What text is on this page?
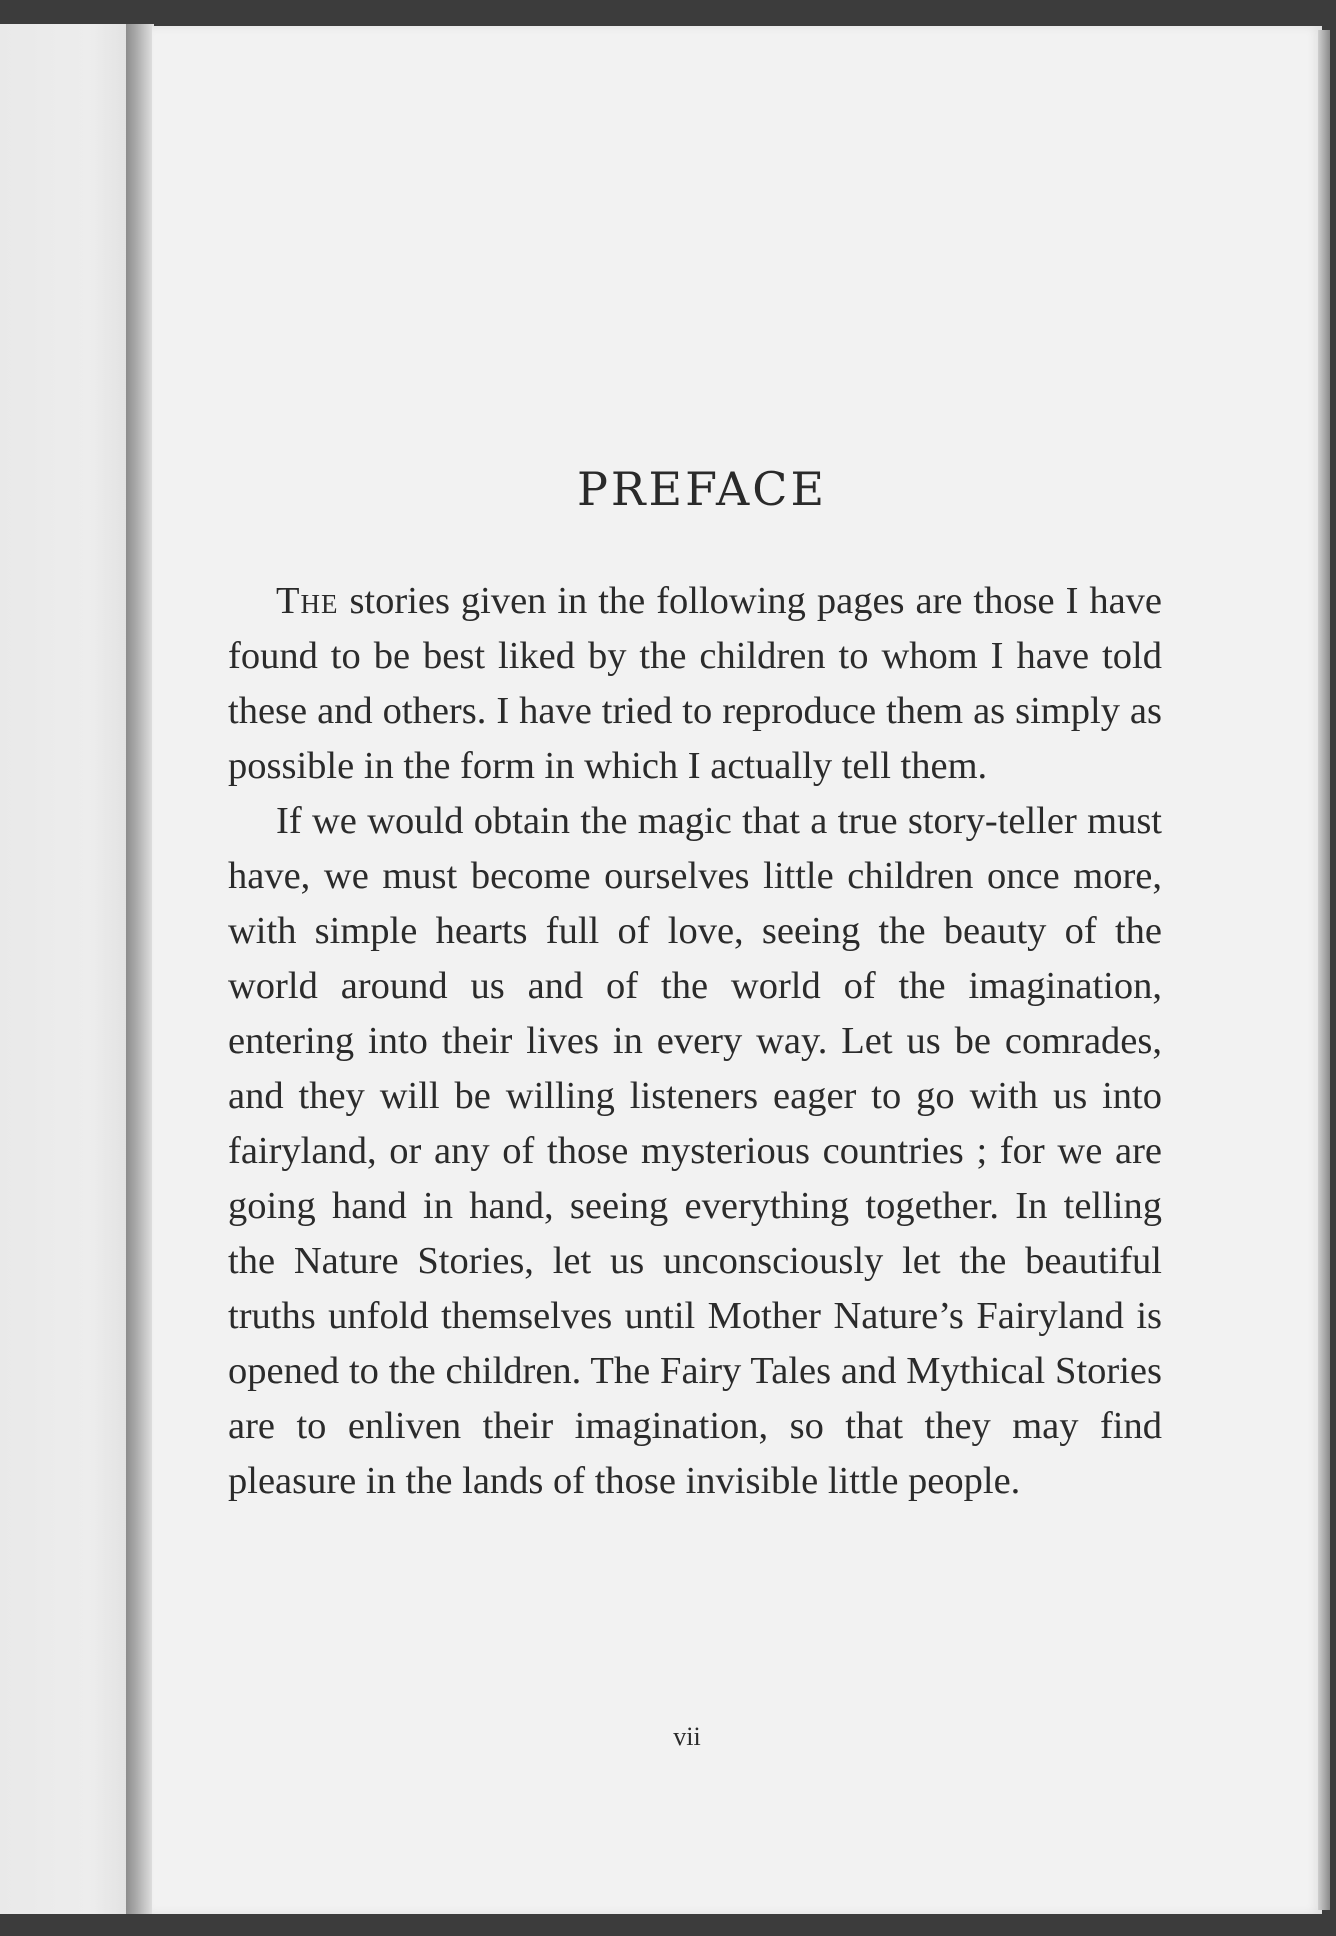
PREFACE

The stories given in the following pages are those I have found to be best liked by the children to whom I have told these and others. I have tried to reproduce them as simply as possible in the form in which I actually tell them.

If we would obtain the magic that a true story-teller must have, we must become ourselves little children once more, with simple hearts full of love, seeing the beauty of the world around us and of the world of the imagination, entering into their lives in every way. Let us be comrades, and they will be willing listeners eager to go with us into fairyland, or any of those mysterious countries ; for we are going hand in hand, seeing everything together. In telling the Nature Stories, let us unconsciously let the beautiful truths unfold themselves until Mother Nature’s Fairyland is opened to the children. The Fairy Tales and Mythical Stories are to enliven their imagination, so that they may find pleasure in the lands of those invisible little people.

vii
